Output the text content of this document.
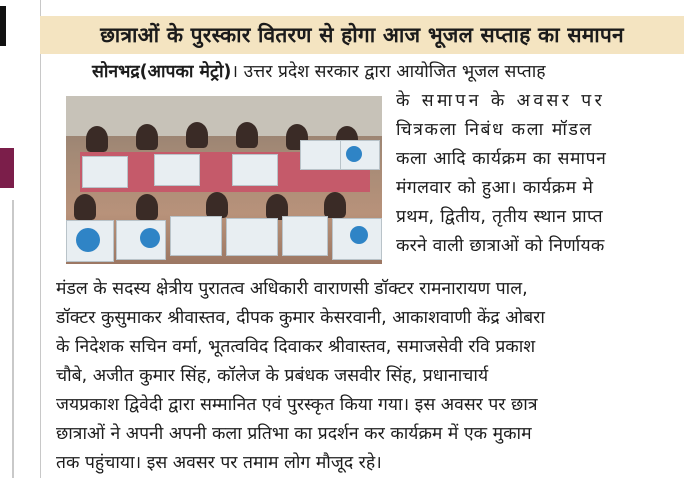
छात्राओं के पुरस्कार वितरण से होगा आज भूजल सप्ताह का समापन
सोनभद्र(आपका मेट्रो)। उत्तर प्रदेश सरकार द्वारा आयोजित भूजल सप्ताह
के समापन के अवसर पर
चित्रकला निबंध कला मॉडल
कला आदि कार्यक्रम का समापन
मंगलवार को हुआ। कार्यक्रम मे
प्रथम, द्वितीय, तृतीय स्थान प्राप्त
करने वाली छात्राओं को निर्णायक
मंडल के सदस्य क्षेत्रीय पुरातत्व अधिकारी वाराणसी डॉक्टर रामनारायण पाल,
डॉक्टर कुसुमाकर श्रीवास्तव, दीपक कुमार केसरवानी, आकाशवाणी केंद्र ओबरा
के निदेशक सचिन वर्मा, भूतत्वविद दिवाकर श्रीवास्तव, समाजसेवी रवि प्रकाश
चौबे, अजीत कुमार सिंह, कॉलेज के प्रबंधक जसवीर सिंह, प्रधानाचार्य
जयप्रकाश द्विवेदी द्वारा सम्मानित एवं पुरस्कृत किया गया। इस अवसर पर छात्र
छात्राओं ने अपनी अपनी कला प्रतिभा का प्रदर्शन कर कार्यक्रम में एक मुकाम
तक पहुंचाया। इस अवसर पर तमाम लोग मौजूद रहे।
